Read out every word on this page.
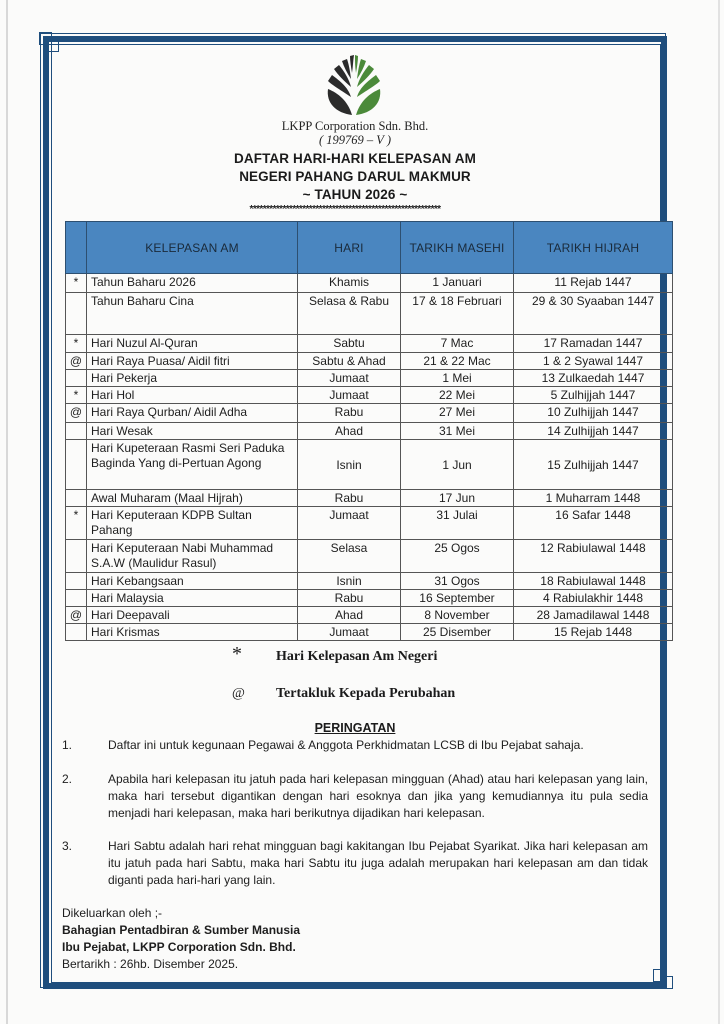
LKPP Corporation Sdn. Bhd.
( 199769 – V )
DAFTAR HARI-HARI KELEPASAN AM
NEGERI PAHANG DARUL MAKMUR
~ TAHUN 2026 ~
**********************************************************
	KELEPASAN AM	HARI	TARIKH MASEHI	TARIKH HIJRAH
*	Tahun Baharu 2026	Khamis	1 Januari	11 Rejab 1447
	Tahun Baharu Cina	Selasa & Rabu	17 & 18 Februari	29 & 30 Syaaban 1447
*	Hari Nuzul Al-Quran	Sabtu	7 Mac	17 Ramadan 1447
@	Hari Raya Puasa/ Aidil fitri	Sabtu & Ahad	21 & 22 Mac	1 & 2 Syawal 1447
	Hari Pekerja	Jumaat	1 Mei	13 Zulkaedah 1447
*	Hari Hol	Jumaat	22 Mei	5 Zulhijjah 1447
@	Hari Raya Qurban/ Aidil Adha	Rabu	27 Mei	10 Zulhijjah 1447
	Hari Wesak	Ahad	31 Mei	14 Zulhijjah 1447
	Hari Kupeteraan Rasmi Seri Paduka Baginda Yang di-Pertuan Agong	Isnin	1 Jun	15 Zulhijjah 1447
	Awal Muharam (Maal Hijrah)	Rabu	17 Jun	1 Muharram 1448
*	Hari Keputeraan KDPB Sultan Pahang	Jumaat	31 Julai	16 Safar 1448
	Hari Keputeraan Nabi Muhammad S.A.W (Maulidur Rasul)	Selasa	25 Ogos	12 Rabiulawal 1448
	Hari Kebangsaan	Isnin	31 Ogos	18 Rabiulawal 1448
	Hari Malaysia	Rabu	16 September	4 Rabiulakhir 1448
@	Hari Deepavali	Ahad	8 November	28 Jamadilawal 1448
	Hari Krismas	Jumaat	25 Disember	15 Rejab 1448
* Hari Kelepasan Am Negeri
@ Tertakluk Kepada Perubahan
PERINGATAN
1.	Daftar ini untuk kegunaan Pegawai & Anggota Perkhidmatan LCSB di Ibu Pejabat sahaja.
2.	Apabila hari kelepasan itu jatuh pada hari kelepasan mingguan (Ahad) atau hari kelepasan yang lain, maka hari tersebut digantikan dengan hari esoknya dan jika yang kemudiannya itu pula sedia menjadi hari kelepasan, maka hari berikutnya dijadikan hari kelepasan.
3.	Hari Sabtu adalah hari rehat mingguan bagi kakitangan Ibu Pejabat Syarikat. Jika hari kelepasan am itu jatuh pada hari Sabtu, maka hari Sabtu itu juga adalah merupakan hari kelepasan am dan tidak diganti pada hari-hari yang lain.
Dikeluarkan oleh ;-
Bahagian Pentadbiran & Sumber Manusia
Ibu Pejabat, LKPP Corporation Sdn. Bhd.
Bertarikh : 26hb. Disember 2025.
